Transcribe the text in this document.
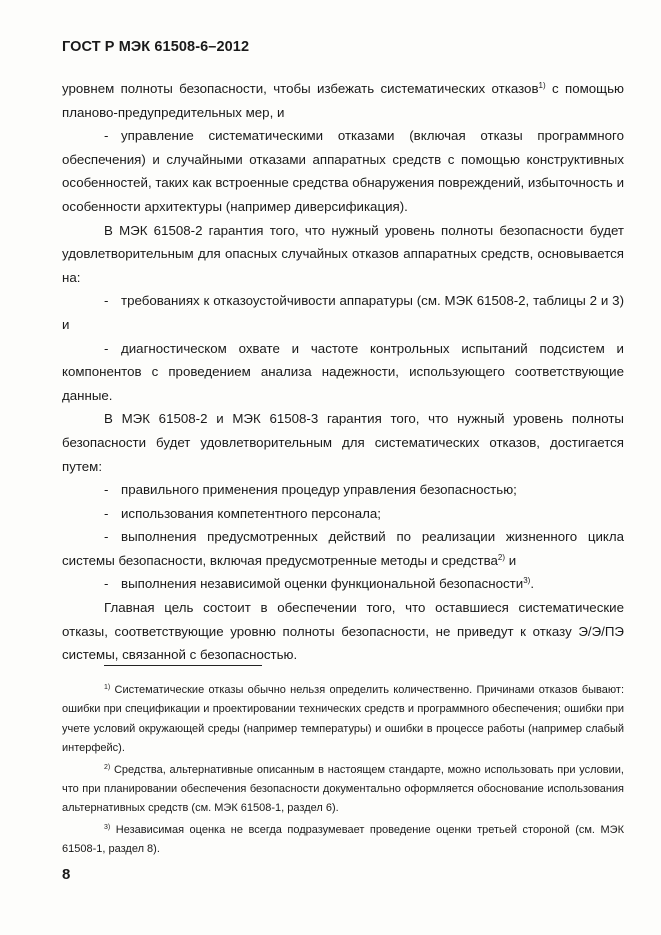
ГОСТ Р МЭК 61508-6–2012

уровнем полноты безопасности, чтобы избежать систематических отказов$^{1)}$ с помощью планово-предупредительных мер, и

- управление систематическими отказами (включая отказы программного обеспечения) и случайными отказами аппаратных средств с помощью конструктивных особенностей, таких как встроенные средства обнаружения повреждений, избыточность и особенности архитектуры (например диверсификация).

В МЭК 61508-2 гарантия того, что нужный уровень полноты безопасности будет удовлетворительным для опасных случайных отказов аппаратных средств, основывается на:

- требованиях к отказоустойчивости аппаратуры (см. МЭК 61508-2, таблицы 2 и 3) и

- диагностическом охвате и частоте контрольных испытаний подсистем и компонентов с проведением анализа надежности, использующего соответствующие данные.

В МЭК 61508-2 и МЭК 61508-3 гарантия того, что нужный уровень полноты безопасности будет удовлетворительным для систематических отказов, достигается путем:

- правильного применения процедур управления безопасностью;

- использования компетентного персонала;

- выполнения предусмотренных действий по реализации жизненного цикла системы безопасности, включая предусмотренные методы и средства$^{2)}$ и

- выполнения независимой оценки функциональной безопасности$^{3)}$.

Главная цель состоит в обеспечении того, что оставшиеся систематические отказы, соответствующие уровню полноты безопасности, не приведут к отказу Э/Э/ПЭ системы, связанной с безопасностью.

$^{1)}$ Систематические отказы обычно нельзя определить количественно. Причинами отказов бывают: ошибки при спецификации и проектировании технических средств и программного обеспечения; ошибки при учете условий окружающей среды (например температуры) и ошибки в процессе работы (например слабый интерфейс).

$^{2)}$ Средства, альтернативные описанным в настоящем стандарте, можно использовать при условии, что при планировании обеспечения безопасности документально оформляется обоснование использования альтернативных средств (см. МЭК 61508-1, раздел 6).

$^{3)}$ Независимая оценка не всегда подразумевает проведение оценки третьей стороной (см. МЭК 61508-1, раздел 8).

8
